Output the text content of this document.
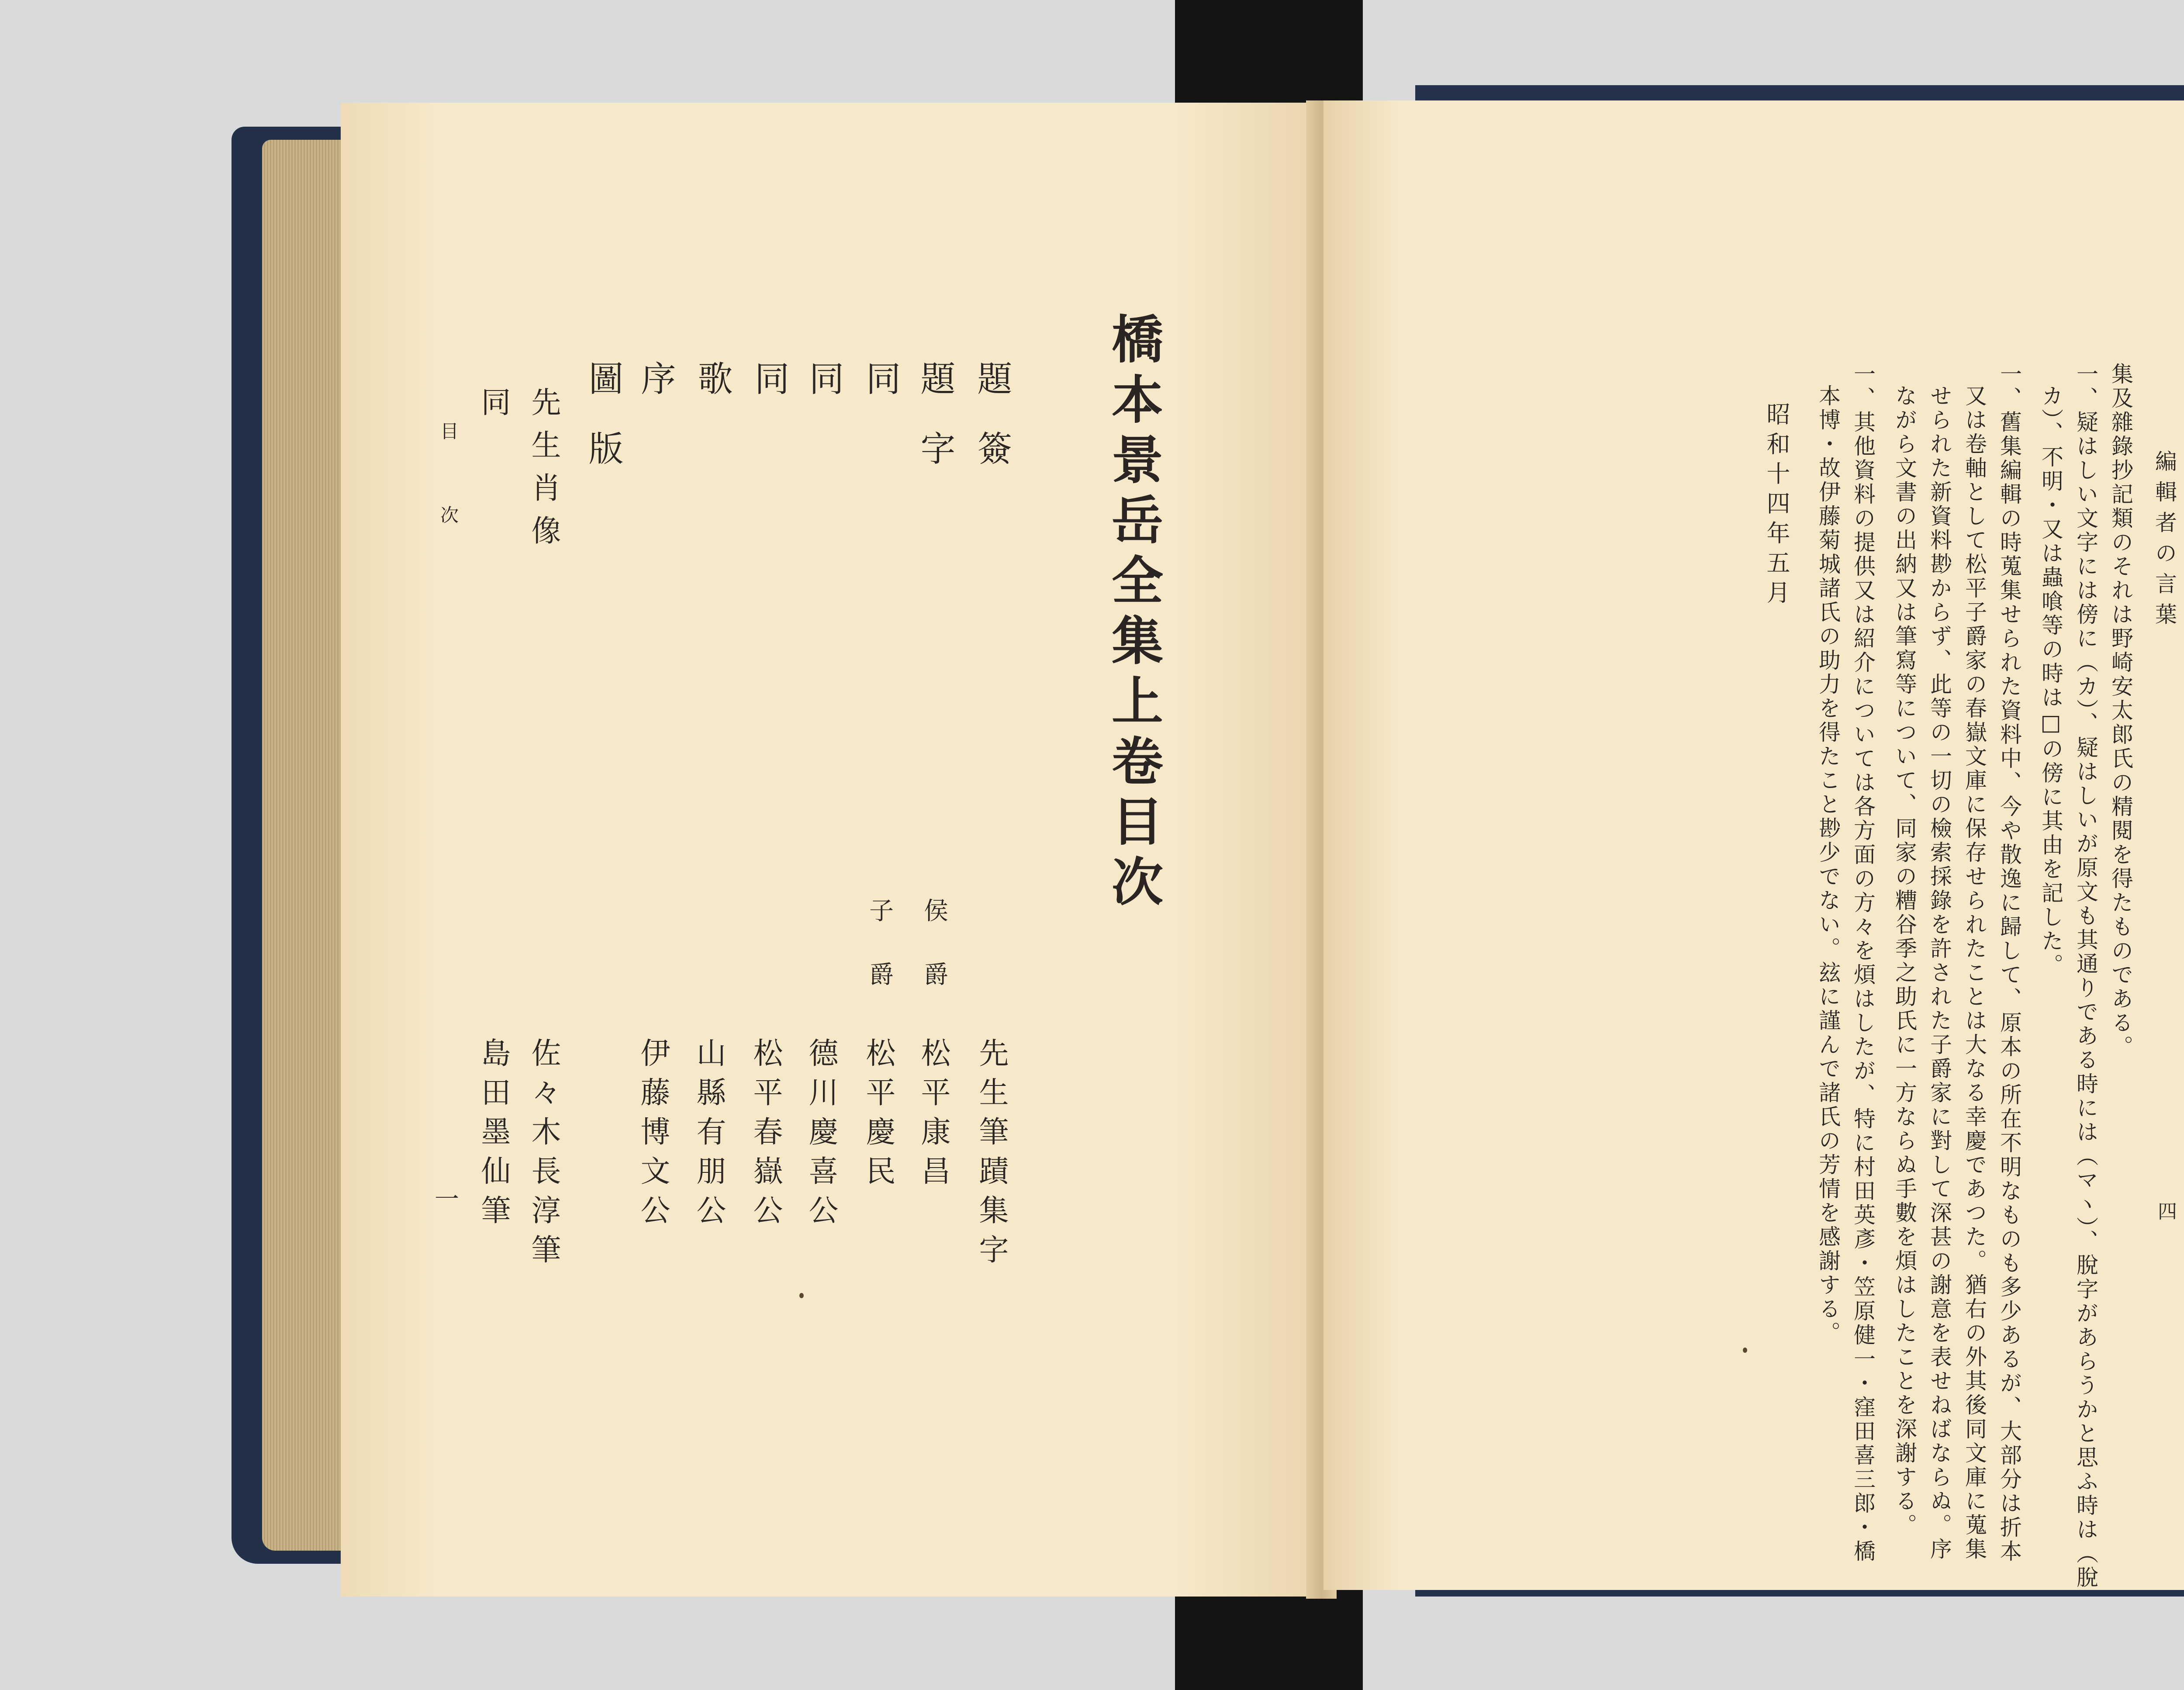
橋本景岳全集上卷目次
題簽
先生筆蹟集字
題字
侯爵
松平康昌
同
子爵
松平慶民
同
德川慶喜公
同
松平春嶽公
歌
山縣有朋公
序
伊藤博文公
圖版
先生肖像
佐々木長淳筆
同
島田墨仙筆
目次
一
編輯者の言葉
集及雜錄抄記類のそれは野崎安太郎氏の精閱を得たものである。
一、疑はしい文字には傍に（カ）、疑はしいが原文も其通りである時には（マヽ）、脫字があらうかと思ふ時は（脫
カ）、不明・又は蟲喰等の時は□の傍に其由を記した。
一、舊集編輯の時蒐集せられた資料中、今や散逸に歸して、原本の所在不明なものも多少あるが、大部分は折本
又は卷軸として松平子爵家の春嶽文庫に保存せられたことは大なる幸慶であつた。猶右の外其後同文庫に蒐集
せられた新資料尠からず、此等の一切の檢索採錄を許された子爵家に對して深甚の謝意を表せねばならぬ。序
ながら文書の出納又は筆寫等について、同家の糟谷季之助氏に一方ならぬ手數を煩はしたことを深謝する。
一、其他資料の提供又は紹介については各方面の方々を煩はしたが、特に村田英彥・笠原健一・窪田喜三郎・橋
本博・故伊藤菊城諸氏の助力を得たこと尠少でない。玆に謹んで諸氏の芳情を感謝する。
昭和十四年五月
四
